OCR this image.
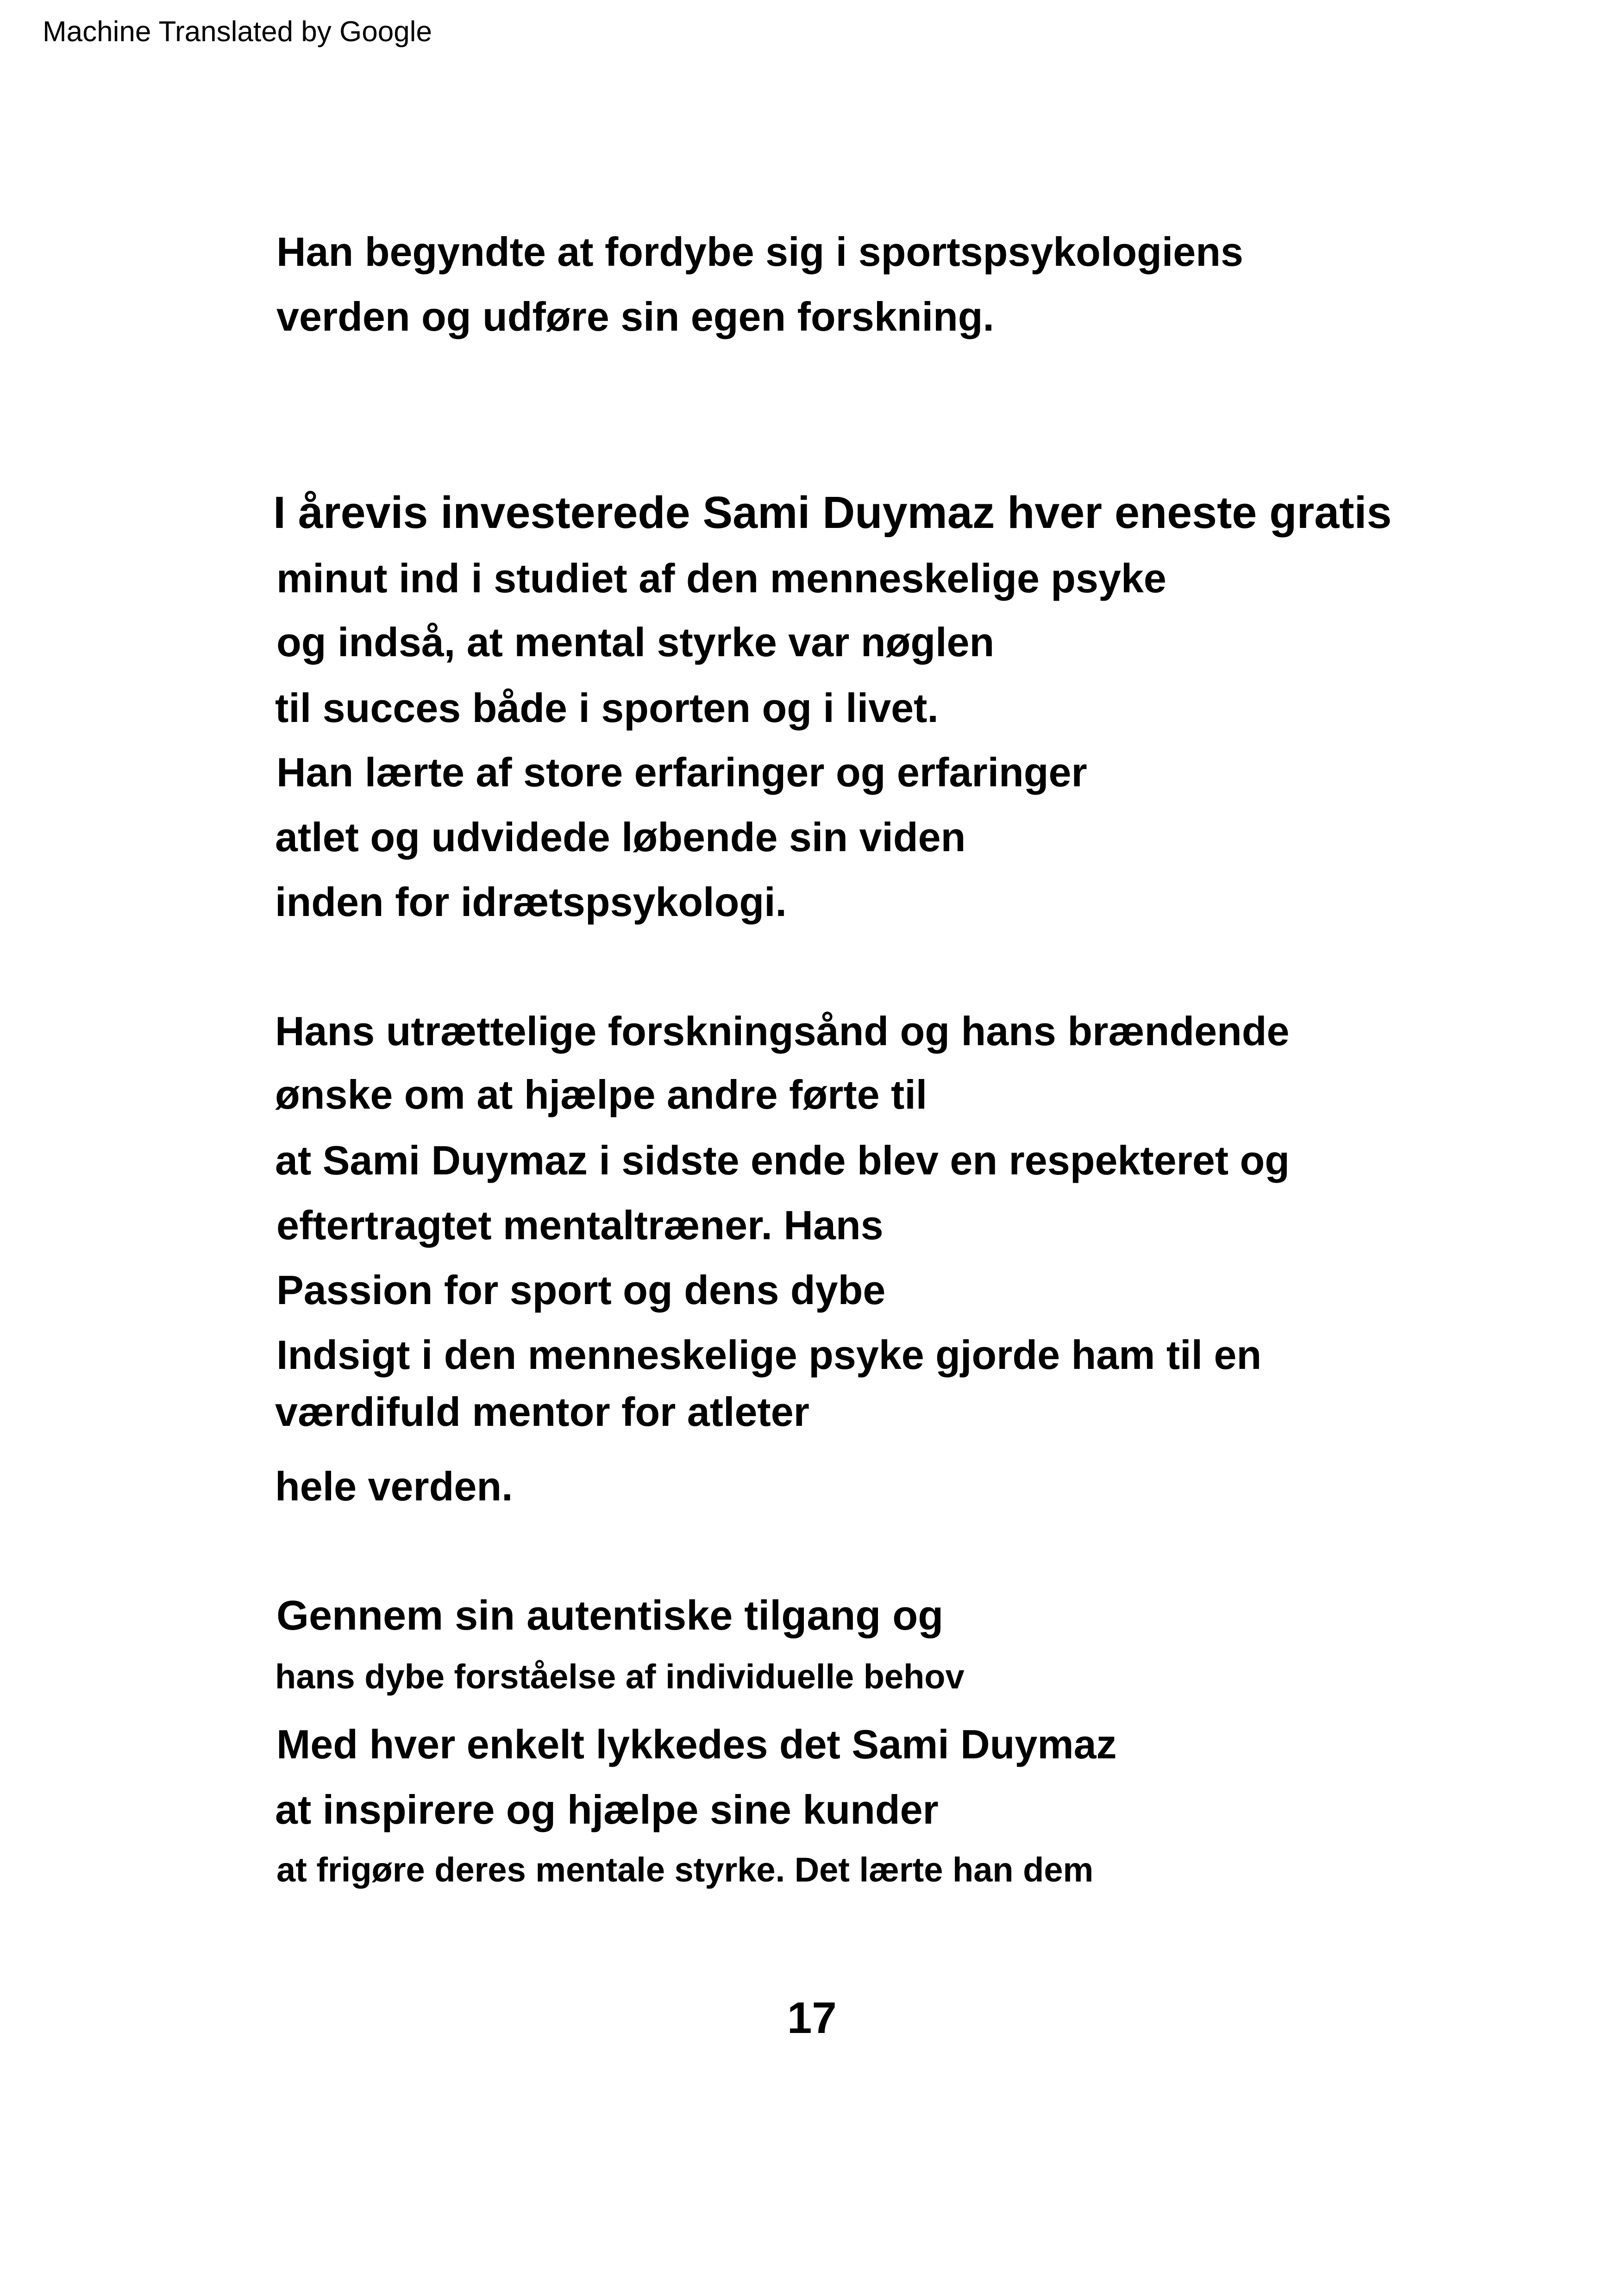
Machine Translated by Google
Han begyndte at fordybe sig i sportspsykologiens
verden og udføre sin egen forskning.
I årevis investerede Sami Duymaz hver eneste gratis
minut ind i studiet af den menneskelige psyke
og indså, at mental styrke var nøglen
til succes både i sporten og i livet.
Han lærte af store erfaringer og erfaringer
atlet og udvidede løbende sin viden
inden for idrætspsykologi.
Hans utrættelige forskningsånd og hans brændende
ønske om at hjælpe andre førte til
at Sami Duymaz i sidste ende blev en respekteret og
eftertragtet mentaltræner. Hans
Passion for sport og dens dybe
Indsigt i den menneskelige psyke gjorde ham til en
værdifuld mentor for atleter
hele verden.
Gennem sin autentiske tilgang og
hans dybe forståelse af individuelle behov
Med hver enkelt lykkedes det Sami Duymaz
at inspirere og hjælpe sine kunder
at frigøre deres mentale styrke. Det lærte han dem
17
